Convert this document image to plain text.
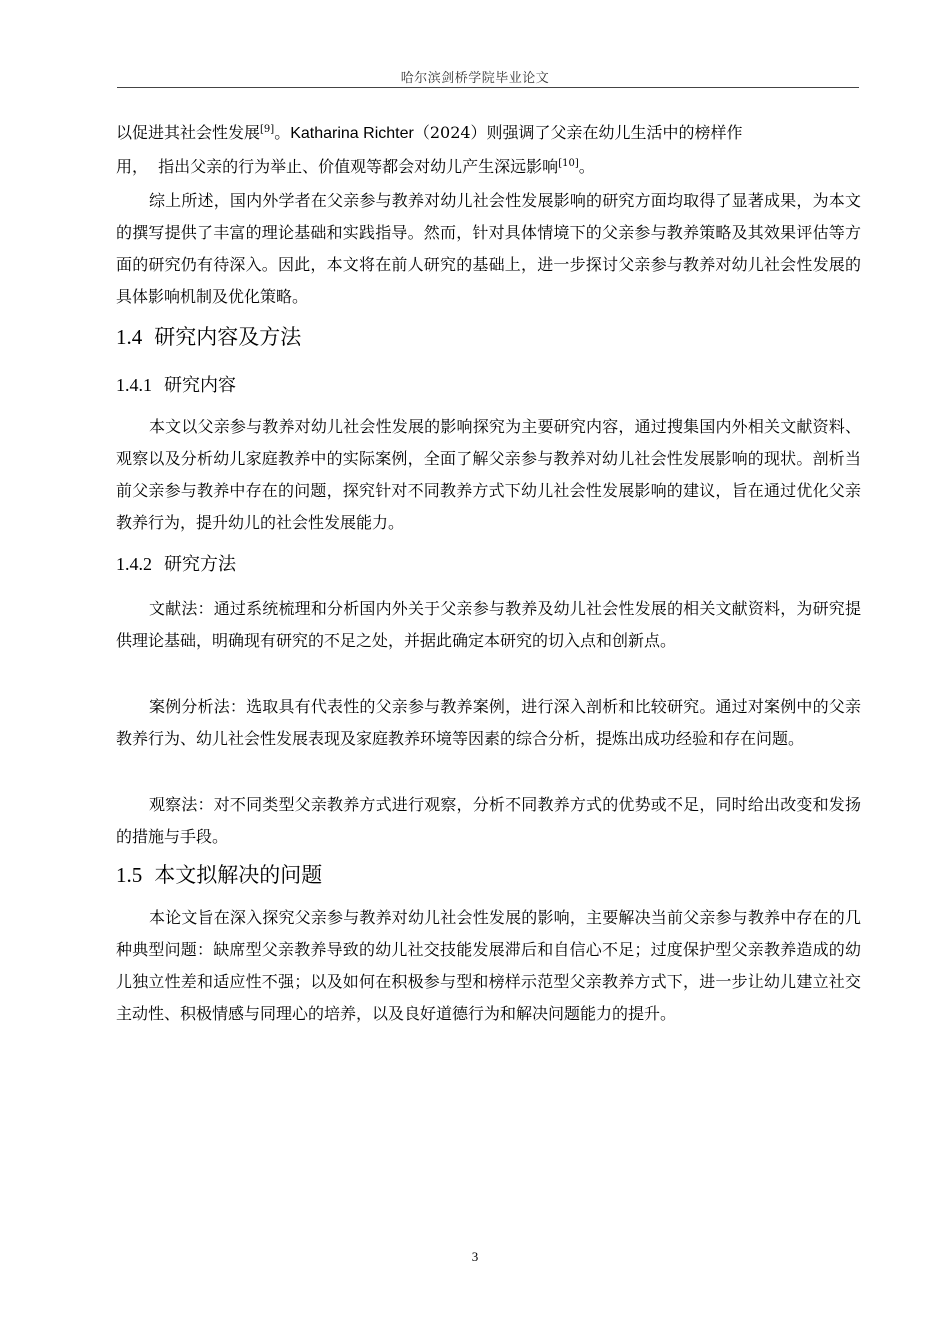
哈尔滨剑桥学院毕业论文
以促进其社会性发展[9]。Katharina Richter（2024）则强调了父亲在幼儿生活中的榜样作
用，  指出父亲的行为举止、价值观等都会对幼儿产生深远影响[10]。
综上所述，国内外学者在父亲参与教养对幼儿社会性发展影响的研究方面均取得了显著成果，为本文的撰写提供了丰富的理论基础和实践指导。然而，针对具体情境下的父亲参与教养策略及其效果评估等方面的研究仍有待深入。因此，本文将在前人研究的基础上，进一步探讨父亲参与教养对幼儿社会性发展的具体影响机制及优化策略。
1.4 研究内容及方法
1.4.1 研究内容
本文以父亲参与教养对幼儿社会性发展的影响探究为主要研究内容，通过搜集国内外相关文献资料、观察以及分析幼儿家庭教养中的实际案例，全面了解父亲参与教养对幼儿社会性发展影响的现状。剖析当前父亲参与教养中存在的问题，探究针对不同教养方式下幼儿社会性发展影响的建议，旨在通过优化父亲教养行为，提升幼儿的社会性发展能力。
1.4.2 研究方法
文献法：通过系统梳理和分析国内外关于父亲参与教养及幼儿社会性发展的相关文献资料，为研究提供理论基础，明确现有研究的不足之处，并据此确定本研究的切入点和创新点。
案例分析法：选取具有代表性的父亲参与教养案例，进行深入剖析和比较研究。通过对案例中的父亲教养行为、幼儿社会性发展表现及家庭教养环境等因素的综合分析，提炼出成功经验和存在问题。
观察法：对不同类型父亲教养方式进行观察，分析不同教养方式的优势或不足，同时给出改变和发扬的措施与手段。
1.5 本文拟解决的问题
本论文旨在深入探究父亲参与教养对幼儿社会性发展的影响，主要解决当前父亲参与教养中存在的几种典型问题：缺席型父亲教养导致的幼儿社交技能发展滞后和自信心不足；过度保护型父亲教养造成的幼儿独立性差和适应性不强；以及如何在积极参与型和榜样示范型父亲教养方式下，进一步让幼儿建立社交主动性、积极情感与同理心的培养，以及良好道德行为和解决问题能力的提升。
3
